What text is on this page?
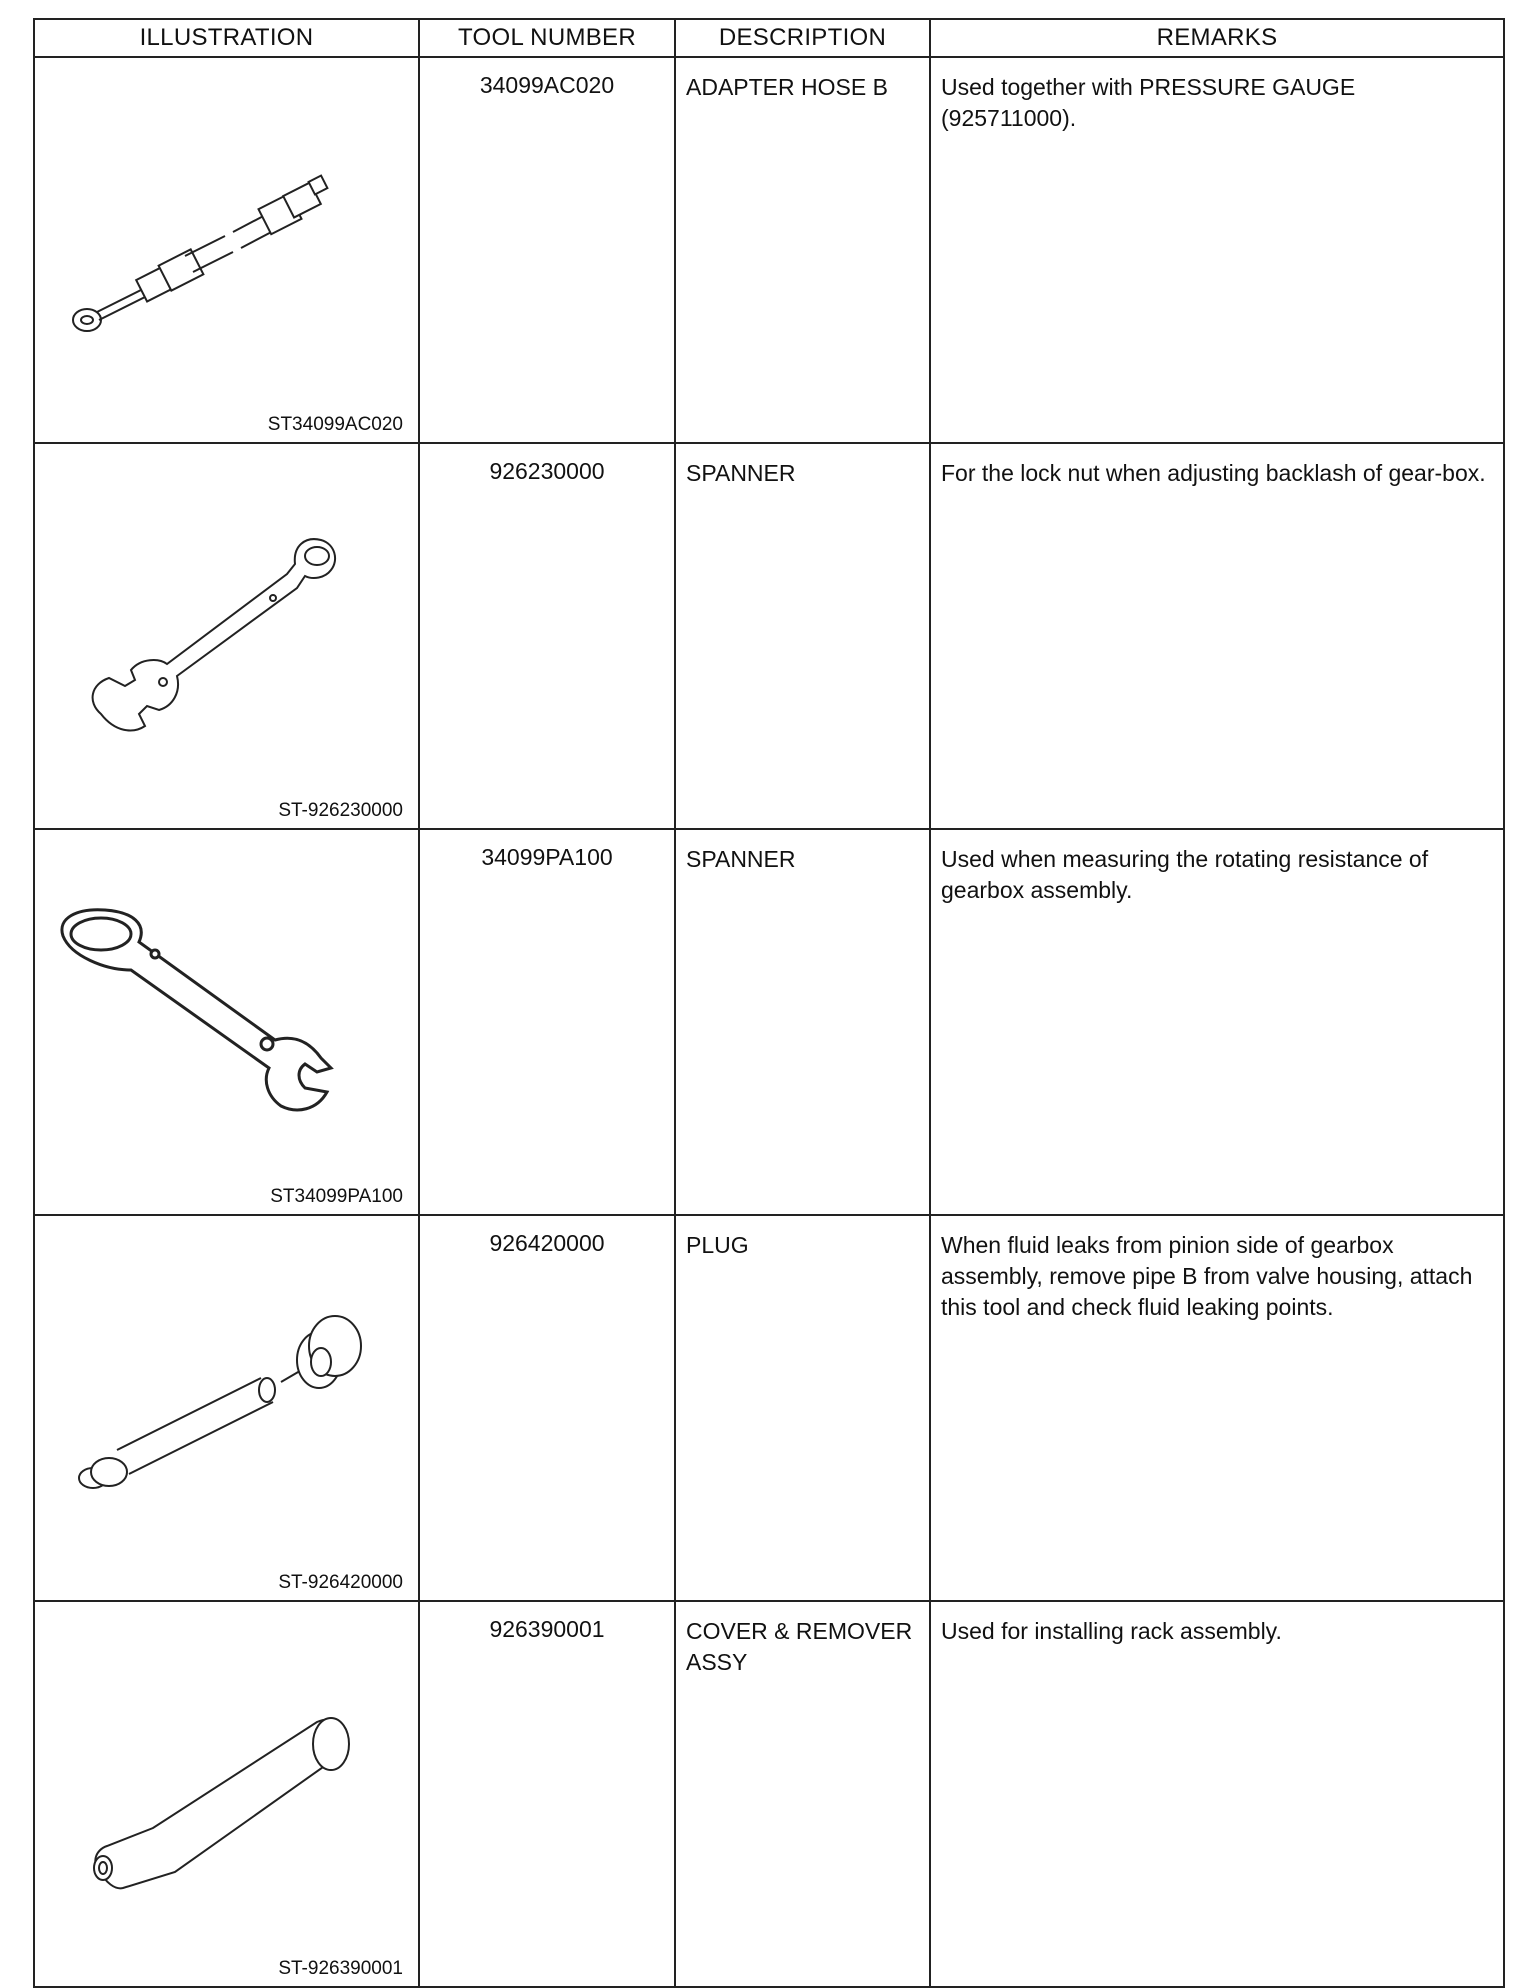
ILLUSTRATION	TOOL NUMBER	DESCRIPTION	REMARKS

ST34099AC020	34099AC020	ADAPTER HOSE B	Used together with PRESSURE GAUGE (925711000).

ST-926230000	926230000	SPANNER	For the lock nut when adjusting backlash of gear-box.

ST34099PA100	34099PA100	SPANNER	Used when measuring the rotating resistance of gearbox assembly.

ST-926420000	926420000	PLUG	When fluid leaks from pinion side of gearbox assembly, remove pipe B from valve housing, attach this tool and check fluid leaking points.

ST-926390001	926390001	COVER & REMOVER ASSY	Used for installing rack assembly.
